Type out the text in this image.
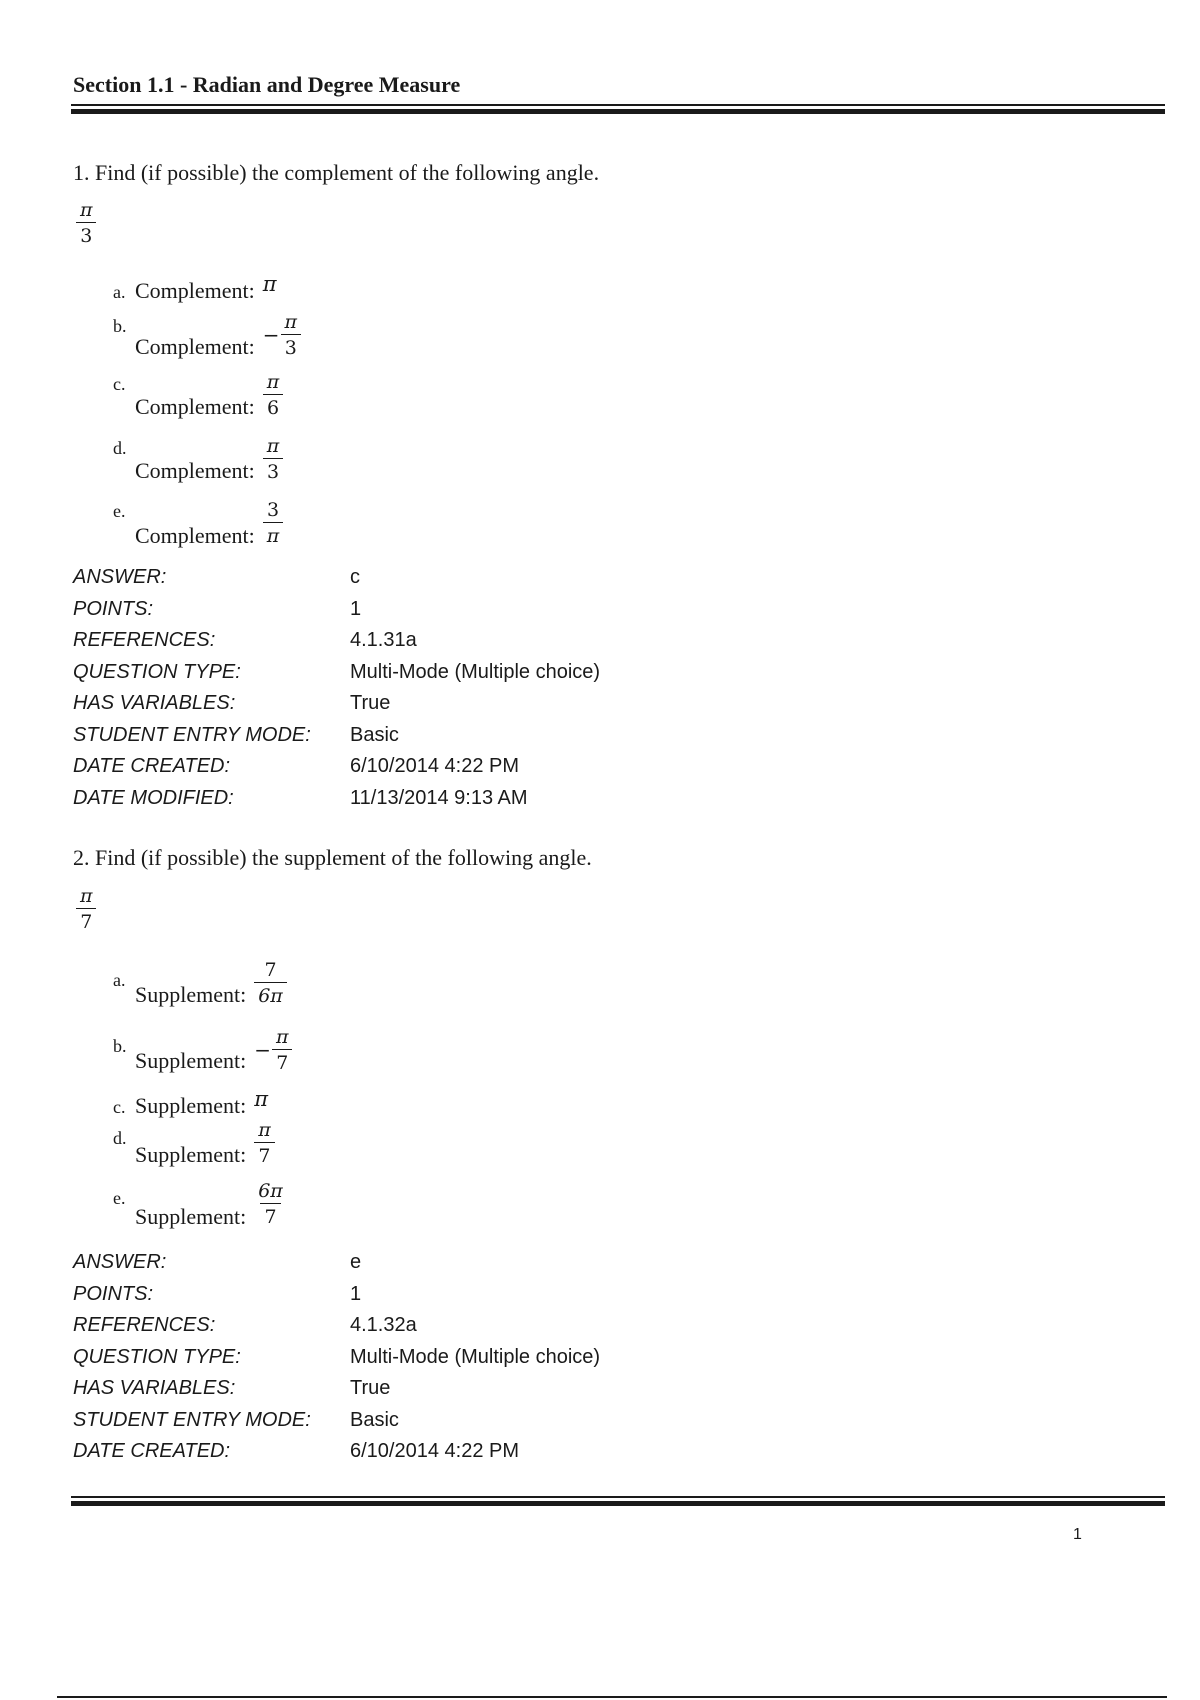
Section 1.1 - Radian and Degree Measure
1. Find (if possible) the complement of the following angle.
$\frac{\pi}{3}$
a. Complement: π
b.
Complement: − $\frac{\pi}{3}$
c.
Complement: $\frac{\pi}{6}$
d.
Complement: $\frac{\pi}{3}$
e.
Complement: $\frac{3}{\pi}$
ANSWER:	c
POINTS:	1
REFERENCES:	4.1.31a
QUESTION TYPE:	Multi-Mode (Multiple choice)
HAS VARIABLES:	True
STUDENT ENTRY MODE:	Basic
DATE CREATED:	6/10/2014 4:22 PM
DATE MODIFIED:	11/13/2014 9:13 AM
2. Find (if possible) the supplement of the following angle.
$\frac{\pi}{7}$
a.
Supplement: $\frac{7}{6\pi}$
b.
Supplement: − $\frac{\pi}{7}$
c. Supplement: π
d.
Supplement: $\frac{\pi}{7}$
e.
Supplement: $\frac{6\pi}{7}$
ANSWER:	e
POINTS:	1
REFERENCES:	4.1.32a
QUESTION TYPE:	Multi-Mode (Multiple choice)
HAS VARIABLES:	True
STUDENT ENTRY MODE:	Basic
DATE CREATED:	6/10/2014 4:22 PM
1
